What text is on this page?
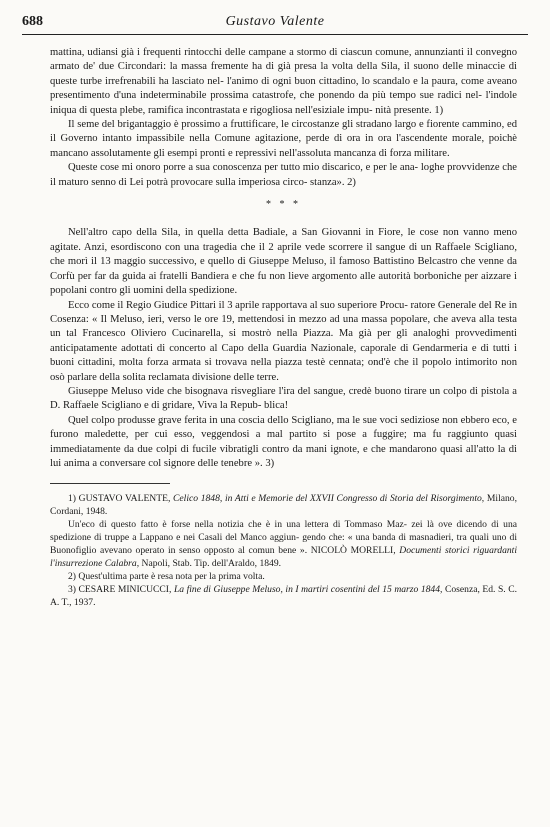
688	Gustavo Valente

mattina, udiansi già i frequenti rintocchi delle campane a stormo di ciascun comune, annunzianti il convegno armato de' due Circondari: la massa fremente ha di già presa la volta della Sila, il suono delle minaccie di queste turbe irrefrenabili ha lasciato nel- l'animo di ogni buon cittadino, lo scandalo e la paura, come aveano presentimento d'una indeterminabile prossima catastrofe, che ponendo da più tempo sue radici nel- l'indole iniqua di questa plebe, ramifica incontrastata e rigogliosa nell'esiziale impu- nità presente. 1)

Il seme del brigantaggio è prossimo a fruttificare, le circostanze gli stradano largo e fiorente cammino, ed il Governo intanto impassibile nella Comune agitazione, perde di ora in ora l'ascendente morale, poichè mancano assolutamente gli esempi pronti e repressivi nell'assoluta mancanza di forza militare.

Queste cose mi onoro porre a sua conoscenza per tutto mio discarico, e per le ana- loghe provvidenze che il maturo senno di Lei potrà provocare sulla imperiosa circo- stanza». 2)

* * *

Nell'altro capo della Sila, in quella detta Badiale, a San Giovanni in Fiore, le cose non vanno meno agitate. Anzi, esordiscono con una tragedia che il 2 aprile vede scorrere il sangue di un Raffaele Scigliano, che morì il 13 maggio successivo, e quello di Giuseppe Meluso, il famoso Battistino Belcastro che venne da Corfù per far da guida ai fratelli Bandiera e che fu non lieve argomento alle autorità borboniche per aizzare i popolani contro gli uomini della spedizione.

Ecco come il Regio Giudice Pittari il 3 aprile rapportava al suo superiore Procu- ratore Generale del Re in Cosenza: « Il Meluso, ieri, verso le ore 19, mettendosi in mezzo ad una massa popolare, che aveva alla testa un tal Francesco Oliviero Cucinarella, si mostrò nella Piazza. Ma già per gli analoghi provvedimenti anticipatamente adottati di concerto al Capo della Guardia Nazionale, caporale di Gendarmeria e di tutti i buoni cittadini, molta forza armata si trovava nella piazza testè cennata; ond'è che il popolo intimorito non osò parlare della solita reclamata divisione delle terre.

Giuseppe Meluso vide che bisognava risvegliare l'ira del sangue, credè buono tirare un colpo di pistola a D. Raffaele Scigliano e di gridare, Viva la Repub- blica!

Quel colpo produsse grave ferita in una coscia dello Scigliano, ma le sue voci sediziose non ebbero eco, e furono maledette, per cui esso, veggendosi a mal partito si pose a fuggire; ma fu raggiunto quasi immediatamente da due colpi di fucile vibratigli contro da mani ignote, e che mandarono quasi all'atto la di lui anima a conversare col signore delle tenebre ». 3)

1) GUSTAVO VALENTE, Celico 1848, in Atti e Memorie del XXVII Congresso di Storia del Risorgimento, Milano, Cordani, 1948.

Un'eco di questo fatto è forse nella notizia che è in una lettera di Tommaso Maz- zei là ove dicendo di una spedizione di truppe a Lappano e nei Casali del Manco aggiun- gendo che: « una banda di masnadieri, tra quali uno di Buonofiglio avevano operato in senso opposto al comun bene ». NICOLÒ MORELLI, Documenti storici riguardanti l'insurrezione Calabra, Napoli, Stab. Tip. dell'Araldo, 1849.

2) Quest'ultima parte è resa nota per la prima volta.

3) CESARE MINICUCCI, La fine di Giuseppe Meluso, in I martiri cosentini del 15 marzo 1844, Cosenza, Ed. S. C. A. T., 1937.
